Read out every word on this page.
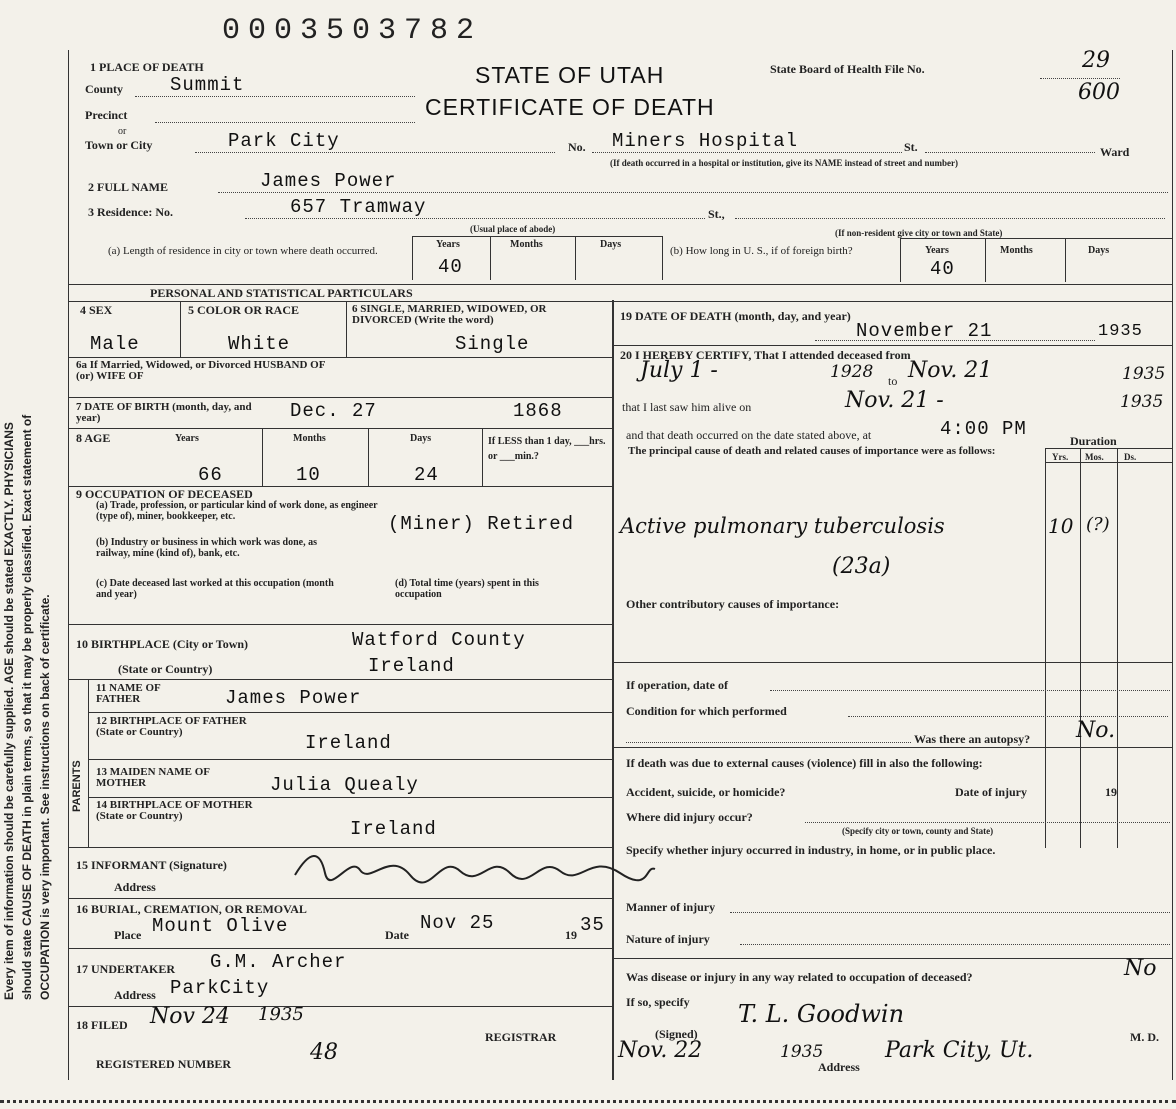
0003503782
Every item of information should be carefully supplied. AGE should be stated EXACTLY. PHYSICIANS should state CAUSE OF DEATH in plain terms, so that it may be properly classified. Exact statement of OCCUPATION is very important. See instructions on back of certificate.
1 PLACE OF DEATH	STATE OF UTAH
CERTIFICATE OF DEATH
State Board of Health File No.	29
600
County Summit
Precinct
or
Town or City	Park City	No. Miners Hospital	St.	Ward
(If death occurred in a hospital or institution, give its NAME instead of street and number)
2 FULL NAME	James Power
3 Residence: No.	657 Tramway	St.,
(Usual place of abode)	(If non-resident give city or town and State)
(a) Length of residence in city or town where death occurred.
Years	Months	Days
40
(b) How long in U. S., if of foreign birth?	Years	Months	Days
40
PERSONAL AND STATISTICAL PARTICULARS
4 SEX
Male
5 COLOR OR RACE
White
6 SINGLE, MARRIED, WIDOWED, OR DIVORCED (Write the word)
Single
6a If Married, Widowed, or Divorced HUSBAND OF (or) WIFE OF
7 DATE OF BIRTH (month, day, and year)	Dec. 27	1868
8 AGE	Years	Months	Days	If LESS than 1 day, ___hrs. or ___min.?
66	10	24
9 OCCUPATION OF DECEASED
(a) Trade, profession, or particular kind of work done, as engineer (type of), miner, bookkeeper, etc.	(Miner) Retired
(b) Industry or business in which work was done, as railway, mine (kind of), bank, etc.
(c) Date deceased last worked at this occupation (month and year)
(d) Total time (years) spent in this occupation
10 BIRTHPLACE (City or Town)	Watford County
(State or Country)	Ireland
PARENTS
11 NAME OF FATHER	James Power
12 BIRTHPLACE OF FATHER (State or Country)	Ireland
13 MAIDEN NAME OF MOTHER	Julia Quealy
14 BIRTHPLACE OF MOTHER (State or Country)
Ireland
15 INFORMANT (Signature)
Address
16 BURIAL, CREMATION, OR REMOVAL
Place Mount Olive	Date
Nov 25
19 35
17 UNDERTAKER G.M. Archer
Address ParkCity
18 FILED Nov 24 1935
REGISTRAR
REGISTERED NUMBER	48
19 DATE OF DEATH (month, day, and year)
November 21	1935
20 I HEREBY CERTIFY, That I attended deceased from
July 1 -	1928 to Nov. 21	1935
that I last saw him alive on	Nov. 21 -	1935
and that death occurred on the date stated above, at	4:00 PM
The principal cause of death and related causes of importance were as follows:
Duration
Yrs. Mos. Ds.
Active pulmonary tuberculosis	10 (?)
(23a)
Other contributory causes of importance:
If operation, date of
Condition for which performed
Was there an autopsy? No.
If death was due to external causes (violence) fill in also the following:
Accident, suicide, or homicide?	Date of injury	19
Where did injury occur?
(Specify city or town, county and State)
Specify whether injury occurred in industry, in home, or in public place.
Manner of injury
Nature of injury
Was disease or injury in any way related to occupation of deceased?	No
If so, specify
(Signed)
T. L. Goodwin
M. D.
Nov. 22	1935
Address
Park City, Ut.
